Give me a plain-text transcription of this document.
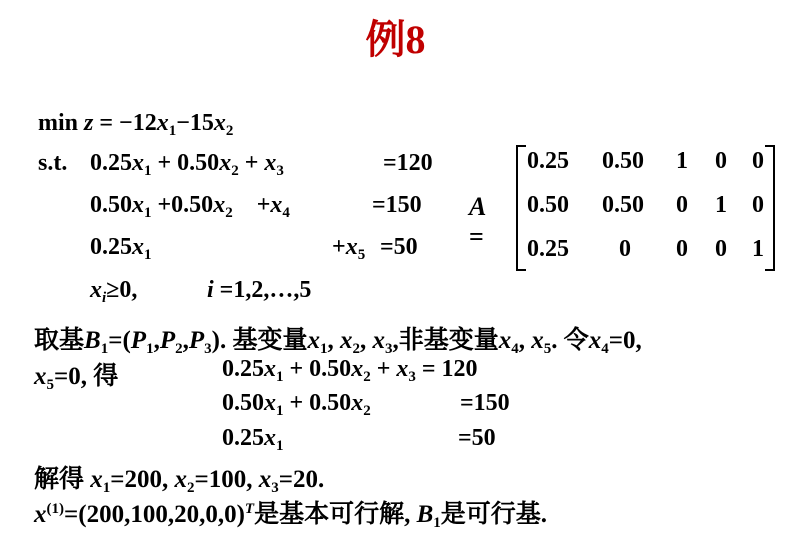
例8
$\min z = -12x_1-15x_2$
s.t. $0.25x_1 + 0.50x_2 + x_3$	=120
$0.50x_1 +0.50x_2$    $+x_4$	=150
$0.25x_1$	$+x_5 =50$
$x_i\ge 0$,	i =1,2,…,5
A =
0.25 0.50 1 0 0
0.50 0.50 0 1 0
0.25 0 0 0 1
取基$B_1=(P_1,P_2,P_3)$. 基变量$x_1$, $x_2$, $x_3$,非基变量$x_4$, $x_5$. 令$x_4=0$,
$x_5=0$, 得	$0.25x_1 + 0.50x_2 + x_3 = 120$
$0.50x_1 + 0.50x_2$	=150
$0.25x_1$	=50
解得 $x_1=200$, $x_2=100$, $x_3=20$.
$x^{(1)}=(200,100,20,0,0)^T$是基本可行解, $B_1$是可行基.
